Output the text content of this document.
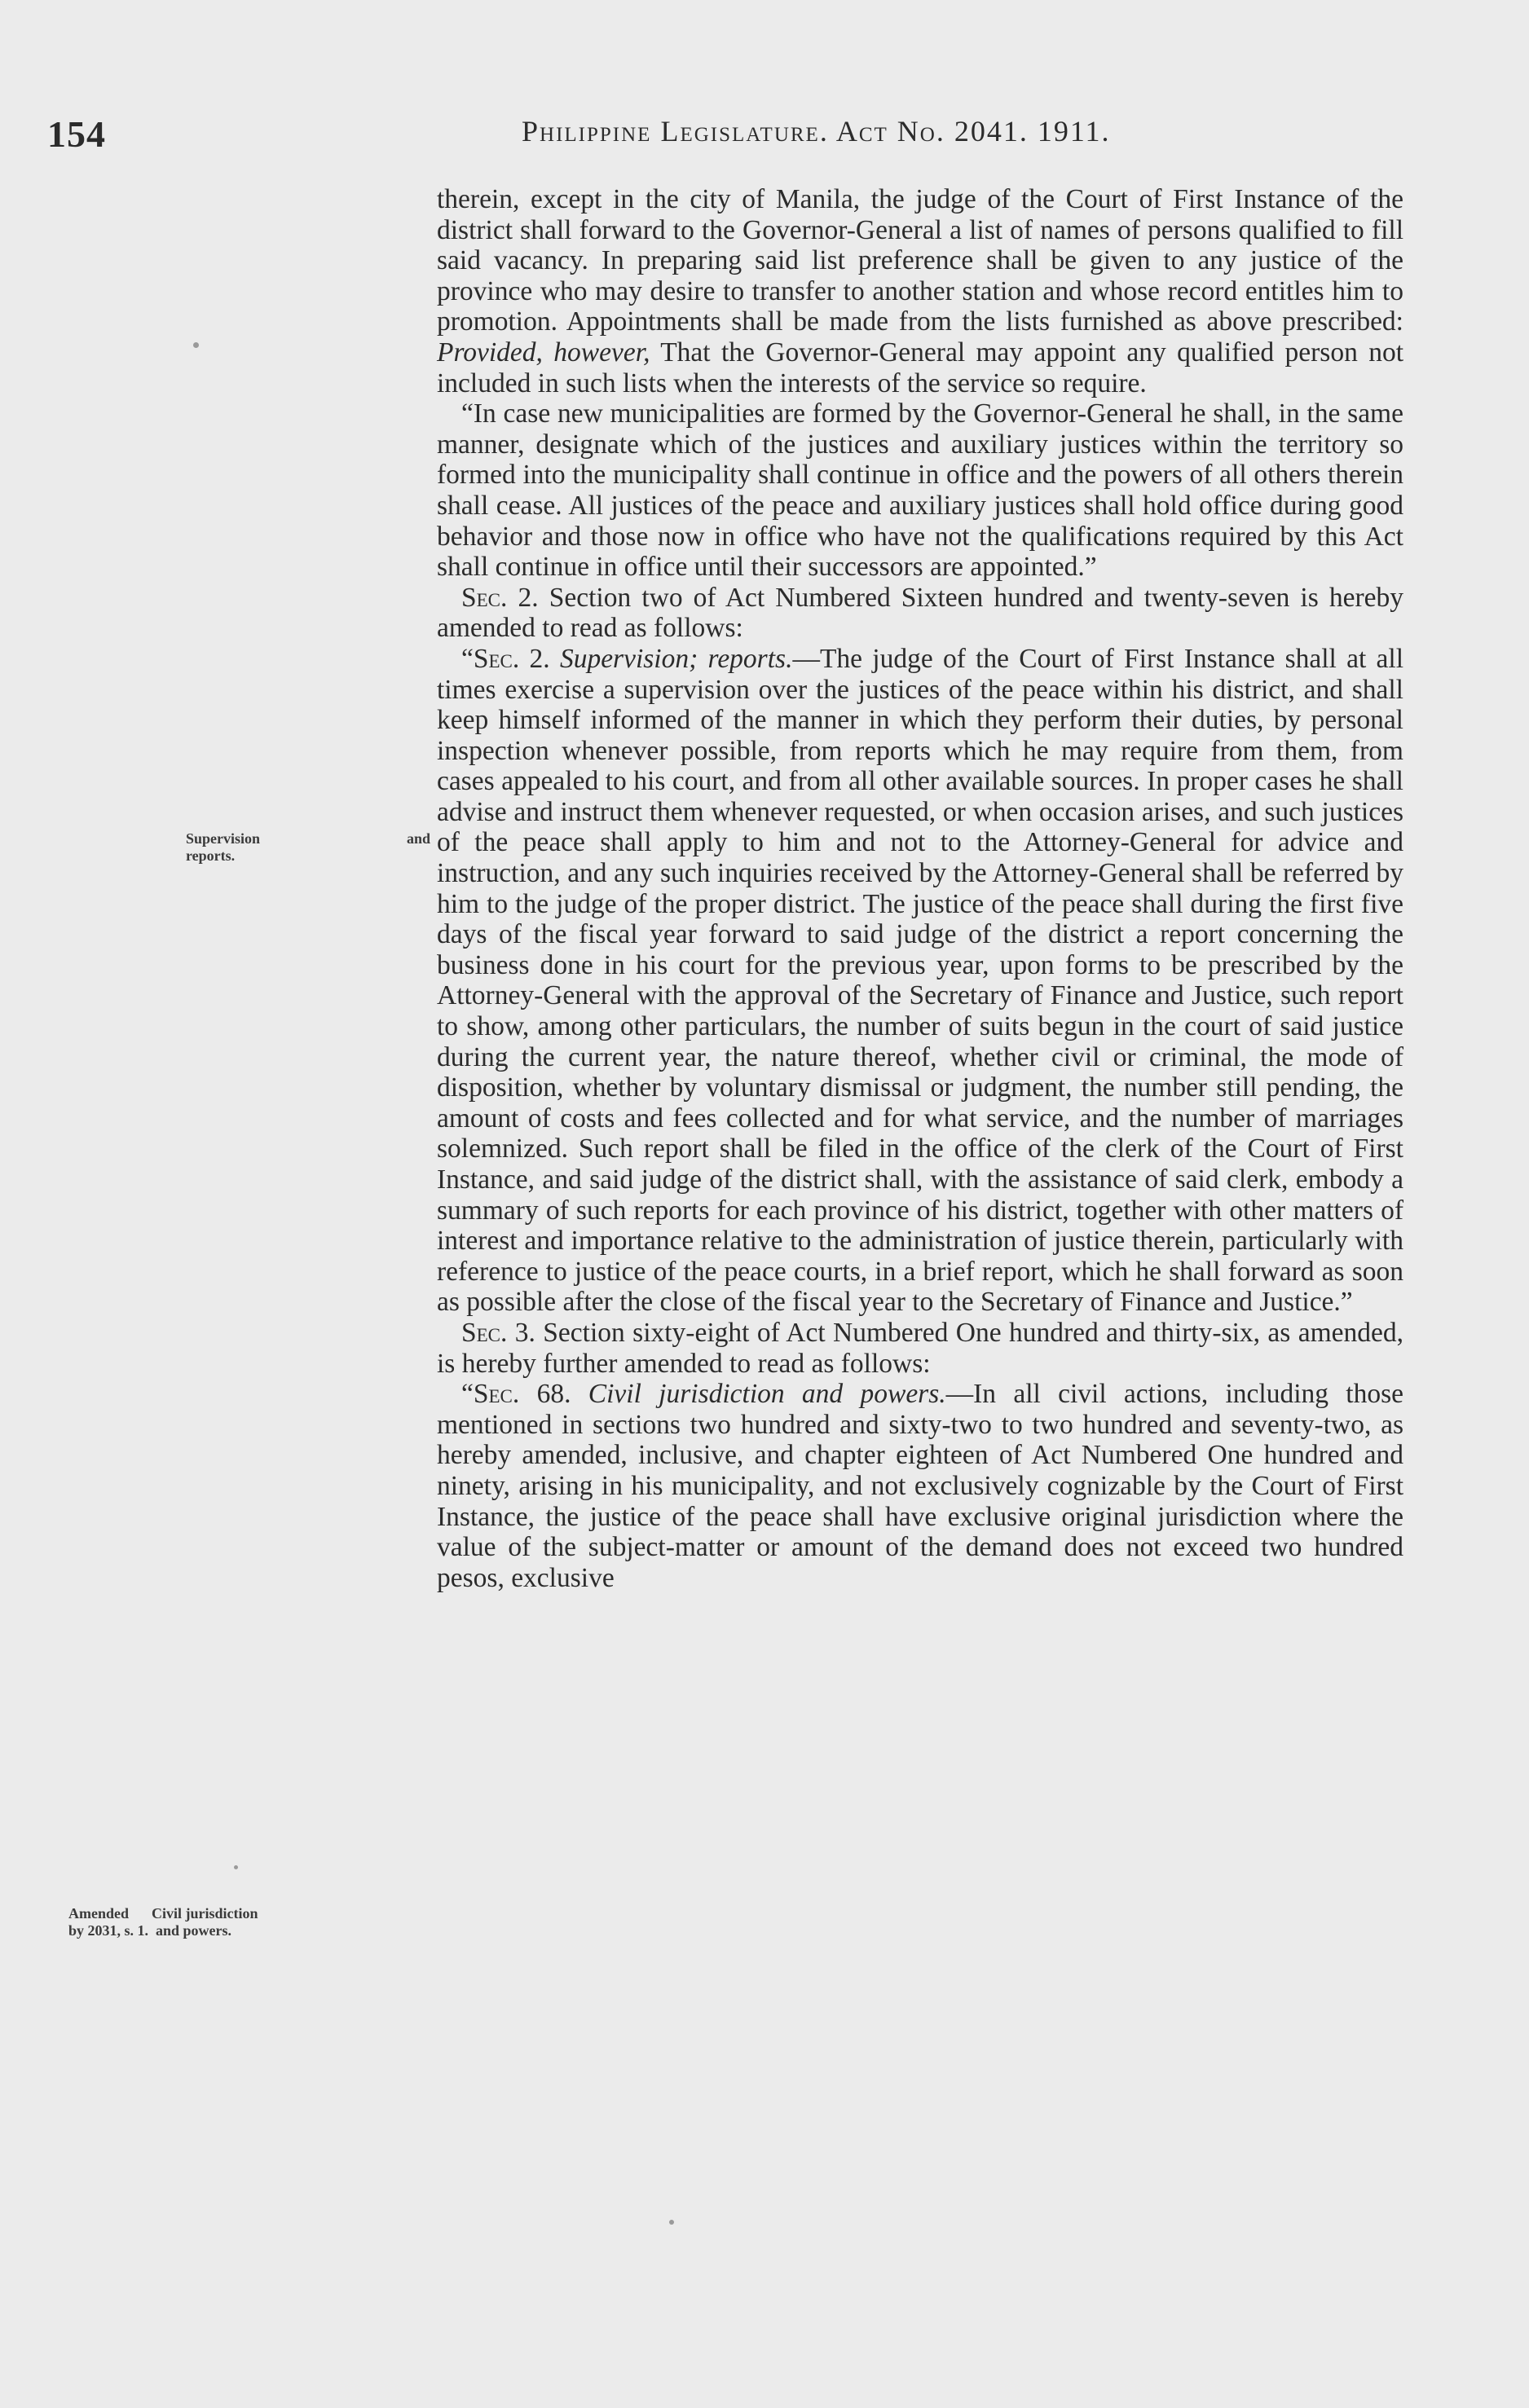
154	Philippine Legislature. Act No. 2041. 1911.
Supervision and
reports.
Amended Civil jurisdiction
by 2031, s. 1. and powers.

therein, except in the city of Manila, the judge of the Court of First Instance of the district shall forward to the Governor-General a list of names of persons qualified to fill said vacancy. In preparing said list preference shall be given to any justice of the province who may desire to transfer to another station and whose record entitles him to promotion. Appointments shall be made from the lists furnished as above prescribed: Provided, however, That the Governor-General may appoint any qualified person not included in such lists when the interests of the service so require.

“In case new municipalities are formed by the Governor-General he shall, in the same manner, designate which of the justices and auxiliary justices within the territory so formed into the municipality shall continue in office and the powers of all others therein shall cease. All justices of the peace and auxiliary justices shall hold office during good behavior and those now in office who have not the qualifications required by this Act shall continue in office until their successors are appointed.”

Sec. 2. Section two of Act Numbered Sixteen hundred and twenty-seven is hereby amended to read as follows:

“Sec. 2. Supervision; reports.—The judge of the Court of First Instance shall at all times exercise a supervision over the justices of the peace within his district, and shall keep himself informed of the manner in which they perform their duties, by personal inspection whenever possible, from reports which he may require from them, from cases appealed to his court, and from all other available sources. In proper cases he shall advise and instruct them whenever requested, or when occasion arises, and such justices of the peace shall apply to him and not to the Attorney-General for advice and instruction, and any such inquiries received by the Attorney-General shall be referred by him to the judge of the proper district. The justice of the peace shall during the first five days of the fiscal year forward to said judge of the district a report concerning the business done in his court for the previous year, upon forms to be prescribed by the Attorney-General with the approval of the Secretary of Finance and Justice, such report to show, among other particulars, the number of suits begun in the court of said justice during the current year, the nature thereof, whether civil or criminal, the mode of disposition, whether by voluntary dismissal or judgment, the number still pending, the amount of costs and fees collected and for what service, and the number of marriages solemnized. Such report shall be filed in the office of the clerk of the Court of First Instance, and said judge of the district shall, with the assistance of said clerk, embody a summary of such reports for each province of his district, together with other matters of interest and importance relative to the administration of justice therein, particularly with reference to justice of the peace courts, in a brief report, which he shall forward as soon as possible after the close of the fiscal year to the Secretary of Finance and Justice.”

Sec. 3. Section sixty-eight of Act Numbered One hundred and thirty-six, as amended, is hereby further amended to read as follows:

“Sec. 68. Civil jurisdiction and powers.—In all civil actions, including those mentioned in sections two hundred and sixty-two to two hundred and seventy-two, as hereby amended, inclusive, and chapter eighteen of Act Numbered One hundred and ninety, arising in his municipality, and not exclusively cognizable by the Court of First Instance, the justice of the peace shall have exclusive original jurisdiction where the value of the subject-matter or amount of the demand does not exceed two hundred pesos, exclusive
